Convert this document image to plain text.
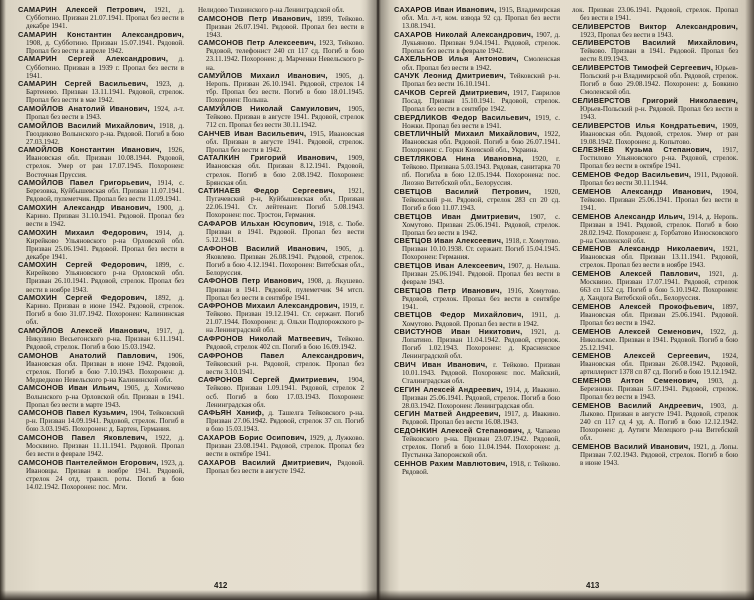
САМАРИН Алексей Петрович, 1921, д. Субботино. Призван 21.07.1941. Пропал без вести в декабре 1941.
САМАРИН Константин Александрович, 1908, д. Субботино. Призван 15.07.1941. Рядовой. Пропал без вести в апреле 1942.
САМАРИН Сергей Александрович, д. Субботино. Призван в 1939 г. Пропал без вести в 1941.
САМАРИН Сергей Васильевич, 1923, д. Бартенево. Призван 13.11.1941. Рядовой, стрелок. Пропал без вести в мае 1942.
САМОЙЛОВ Анатолий Иванович, 1924, л-т. Пропал без вести в 1943.
САМОЙЛОВ Василий Михайлович, 1918, д. Гвоздиково Волынского р-на. Рядовой. Погиб в бою 27.03.1942.
САМОЙЛОВ Константин Иванович, 1926, Ивановская обл. Призван 10.08.1944. Рядовой, стрелок. Умер от ран 17.07.1945. Похоронен: Восточная Пруссия.
САМОЙЛОВ Павел Григорьевич, 1914, с. Березовка, Куйбышевская обл. Призван 11.07.1941. Рядовой, пулеметчик. Пропал без вести 11.09.1941.
САМОХИН Александр Иванович, 1900, д. Карино. Призван 31.10.1941. Рядовой. Пропал без вести в 1942.
САМОХИН Михаил Федорович, 1914, д. Кирейково Ульяновского р-на Орловской обл. Призван 25.06.1941. Рядовой. Пропал без вести в декабре 1941.
САМОХИН Сергей Федорович, 1899, с. Кирейково Ульяновского р-на Орловской обл. Призван 26.10.1941. Рядовой, стрелок. Пропал без вести в ноябре 1943.
САМОХИН Сергей Федорович, 1892, д. Карино. Призван в июне 1942. Рядовой, стрелок. Погиб в бою 31.07.1942. Похоронен: Калининская обл.
САМОЙЛОВ Алексей Иванович, 1917, д. Никулино Весьегонского р-на. Призван 6.11.1941. Рядовой, стрелок. Погиб в бою 15.03.1942.
САМОНОВ Анатолий Павлович, 1906, Ивановская обл. Призван в июне 1942. Рядовой, стрелок. Погиб в бою 7.10.1943. Похоронен: д. Медведково Невельского р-на Калининской обл.
САМСОНОВ Иван Ильич, 1905, д. Хомичево Волынского р-на Орловской обл. Призван в 1941. Пропал без вести в марте 1943.
САМСОНОВ Павел Кузьмич, 1904, Тейковский р-н. Призван 14.09.1941. Рядовой, стрелок. Погиб в бою 3.03.1945. Похоронен: д. Бартен, Германия.
САМСОНОВ Павел Яковлевич, 1922, д. Москвино. Призван 11.11.1941. Рядовой. Пропал без вести в феврале 1942.
САМСОНОВ Пантелеймон Егорович, 1923, д. Ивановцы. Призван в ноябре 1941. Рядовой, стрелок 24 отд. трансп. роты. Погиб в бою 14.02.1942. Похоронен: пос. Мги.
Нелидово Тихвинского р-на Ленинградской обл.
САМСОНОВ Петр Иванович, 1899, Тейково. Призван 26.07.1941. Рядовой. Пропал без вести в 1943.
САМСОНОВ Петр Алексеевич, 1923, Тейково. Рядовой, телефонист 240 сп 117 сд. Погиб в бою 23.11.1942. Похоронен: д. Марченки Невельского р-на.
САМУЙЛОВ Михаил Иванович, 1905, д. Неропь. Призван 26.10.1941. Рядовой, стрелок 14 тбр. Пропал без вести. Погиб в бою 18.01.1945. Похоронен: Польша.
САМУЙЛОВ Николай Самуилович, 1905, Тейково. Призван в августе 1941. Рядовой, стрелок 712 сп. Пропал без вести 30.11.1942.
САНЧЕВ Иван Васильевич, 1915, Ивановская обл. Призван в августе 1941. Рядовой, стрелок. Пропал без вести в 1942.
САТАЛКИН Григорий Иванович, 1909, Ивановская обл. Призван 8.12.1941. Рядовой, стрелок. Погиб в бою 2.08.1942. Похоронен: Брянская обл.
САТИНАЕВ Федор Сергеевич, 1921, Пугачевский р-н, Куйбышевская обл. Призван 22.06.1941. Ст. лейтенант. Погиб 5.08.1943. Похоронен: пос. Трэстон, Германия.
САФАРОВ Ильхан Юсупович, 1918, с. Тюбе. Призван в 1941. Рядовой. Пропал без вести 5.12.1941.
САФОНОВ Василий Иванович, 1905, д. Яковлево. Призван 26.08.1941. Рядовой, стрелок. Погиб в бою 4.12.1941. Похоронен: Витебская обл., Белоруссия.
САФОНОВ Петр Иванович, 1908, д. Якушево. Призван в 1941. Рядовой, пулеметчик 94 мтсп. Пропал без вести в сентябре 1941.
САФРОНОВ Михаил Александрович, 1919, г. Тейково. Призван 19.12.1941. Ст. сержант. Погиб 21.07.1944. Похоронен: д. Ольхи Подпорожского р-на Ленинградской обл.
САФРОНОВ Николай Матвеевич, Тейково. Рядовой, стрелок 402 сп. Погиб в бою 16.09.1942.
САФРОНОВ Павел Александрович, Тейковский р-н. Рядовой, стрелок. Пропал без вести 3.10.1941.
САФРОНОВ Сергей Дмитриевич, 1904, Тейково. Призван 1.09.1941. Рядовой, стрелок 2 осб. Погиб в бою 17.03.1943. Похоронен: Ленинградская обл.
САФЬЯН Ханиф, д. Ташелга Тейковского р-на. Призван 27.06.1942. Рядовой, стрелок 37 сп. Погиб в бою 15.03.1943.
САХАРОВ Борис Осипович, 1929, д. Лужково. Призван 23.08.1941. Рядовой, стрелок. Пропал без вести в октябре 1941.
САХАРОВ Василий Дмитриевич, Рядовой. Пропал без вести в августе 1942.
412
САХАРОВ Иван Иванович, 1915, Владимирская обл. Мл. л-т, ком. взвода 92 сд. Пропал без вести 13.08.1941.
САХАРОВ Николай Александрович, 1907, д. Лукьяново. Призван 9.04.1941. Рядовой, стрелок. Пропал без вести в феврале 1942.
САХЕЛЬНОВ Илья Антонович, Смоленская обл. Пропал без вести в 1942.
САЧУК Леонид Дмитриевич, Тейковский р-н. Пропал без вести 16.10.1941.
САЧКОВ Сергей Дмитриевич, 1917, Гаврилов Посад. Призван 15.10.1941. Рядовой, стрелок. Пропал без вести в сентябре 1942.
СВЕРДЛИКОВ Федор Васильевич, 1919, с. Ножки. Пропал без вести в 1941.
СВЕТЛИЧНЫЙ Михаил Михайлович, 1922, Ивановская обл. Рядовой. Погиб в бою 26.07.1941. Похоронен: с. Горки Киевской обл., Украина.
СВЕТЛЯКОВА Нина Ивановна, 1920, г. Тейково. Призвана 5.03.1943. Рядовая, санитарка 70 пб. Погибла в бою 12.05.1944. Похоронена: пос. Лиозно Витебской обл., Белоруссия.
СВЕТЦОВ Василий Петрович, 1920, Тейковский р-н. Рядовой, стрелок 283 сп 20 сд. Погиб в бою 11.07.1943.
СВЕТЦОВ Иван Дмитриевич, 1907, с. Хомутово. Призван 25.06.1941. Рядовой, стрелок. Пропал без вести в 1942.
СВЕТЦОВ Иван Алексеевич, 1918, г. Хомутово. Призван 10.10.1938. Ст. сержант. Погиб 15.04.1945. Похоронен: Германия.
СВЕТЦОВ Иван Алексеевич, 1907, д. Нельша. Призван 25.06.1941. Рядовой. Пропал без вести в феврале 1943.
СВЕТЦОВ Петр Иванович, 1916, Хомутово. Рядовой, стрелок. Пропал без вести в сентябре 1941.
СВЕТЦОВ Федор Михайлович, 1911, д. Хомутово. Рядовой. Пропал без вести в 1942.
СВИСТУНОВ Иван Никитович, 1921, д. Лопатино. Призван 11.04.1942. Рядовой, стрелок. Погиб 1.02.1943. Похоронен: д. Красненское Ленинградской обл.
СВИЧ Иван Иванович, г. Тейково. Призван 10.01.1943. Рядовой. Похоронен: пос. Майский, Сталинградская обл.
СЕГИН Алексей Андреевич, 1914, д. Ивакино. Призван 25.06.1941. Рядовой, стрелок. Погиб в бою 28.03.1942. Похоронен: Ленинградская обл.
СЕГИН Матвей Андреевич, 1917, д. Ивакино. Рядовой. Пропал без вести 16.08.1943.
СЕДОНКИН Алексей Степанович, д. Чапаево Тейковского р-на. Призван 23.07.1942. Рядовой, стрелок. Погиб в бою 11.04.1944. Похоронен: д. Пустынка Запорожской обл.
СЕННОВ Рахим Мавлютович, 1918, г. Тейково. Рядовой.
лок. Призван 23.06.1941. Рядовой, стрелок. Пропал без вести в 1941.
СЕЛИВЕРСТОВ Виктор Александрович, 1923, Пропал без вести в 1943.
СЕЛИВЕРСТОВ Василий Михайлович, Тейково. Призван в 1941. Рядовой. Пропал без вести 8.09.1943.
СЕЛИВЕРСТОВ Тимофей Сергеевич, Юрьев-Польский р-н Владимирской обл. Рядовой, стрелок. Погиб в бою 29.08.1942. Похоронен: д. Бовкино Смоленской обл.
СЕЛИВЕРСТОВ Григорий Николаевич, Юрьев-Польский р-н. Рядовой. Пропал без вести в 1943.
СЕЛИВЕРСТОВ Илья Кондратьевич, 1909, Ивановская обл. Рядовой, стрелок. Умер от ран 19.08.1942. Похоронен: д. Копытово.
СЕЛЕЗНЕВ Кузьма Степанович, 1917, Гостилово Ульяновского р-на. Рядовой, стрелок. Пропал без вести в октябре 1941.
СЕМЕНОВ Федор Васильевич, 1911, Рядовой. Пропал без вести 30.11.1944.
СЕМЕНОВ Александр Иванович, 1904, Тейково. Призван 25.06.1941. Пропал без вести в 1941.
СЕМЕНОВ Александр Ильич, 1914, д. Неропь. Призван в 1941. Рядовой, стрелок. Погиб в бою 28.02.1942. Похоронен: д. Горбатово Износковского р-на Смоленской обл.
СЕМЕНОВ Александр Николаевич, 1921, Ивановская обл. Призван 13.11.1941. Рядовой, стрелок. Пропал без вести в ноябре 1943.
СЕМЕНОВ Алексей Павлович, 1921, д. Москвино. Призван 17.07.1941. Рядовой, стрелок 663 сп 152 сд. Погиб в бою 5.10.1942. Похоронен: д. Хандога Витебской обл., Белоруссия.
СЕМЕНОВ Алексей Прокофьевич, 1897, Ивановская обл. Призван 25.06.1941. Рядовой. Пропал без вести в 1942.
СЕМЕНОВ Алексей Семенович, 1922, д. Никольское. Призван в 1941. Рядовой. Погиб в бою 25.12.1941.
СЕМЕНОВ Алексей Сергеевич, 1924, Ивановская обл. Призван 26.08.1942. Рядовой, артиллерист 1378 сп 87 сд. Погиб в бою 19.12.1942.
СЕМЕНОВ Антон Семенович, 1903, д. Березники. Призван 5.07.1941. Рядовой, стрелок. Пропал без вести в 1943.
СЕМЕНОВ Василий Андреевич, 1903, д. Лыково. Призван в августе 1941. Рядовой, стрелок 240 сп 117 сд 4 уд. А. Погиб в бою 12.12.1942. Похоронен: д. Аутиги Мелецкого р-на Витебской обл.
СЕМЕНОВ Василий Иванович, 1921, д. Лопы. Призван 7.02.1943. Рядовой, стрелок. Погиб в бою в июне 1943.
413
